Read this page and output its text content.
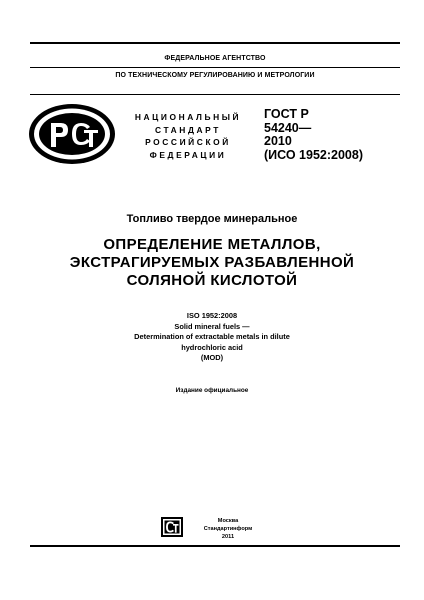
ФЕДЕРАЛЬНОЕ АГЕНТСТВО
ПО ТЕХНИЧЕСКОМУ РЕГУЛИРОВАНИЮ И МЕТРОЛОГИИ
НАЦИОНАЛЬНЫЙ
СТАНДАРТ
РОССИЙСКОЙ
ФЕДЕРАЦИИ
ГОСТ Р
54240—
2010
(ИСО 1952:2008)
Топливо твердое минеральное
ОПРЕДЕЛЕНИЕ МЕТАЛЛОВ,
ЭКСТРАГИРУЕМЫХ РАЗБАВЛЕННОЙ
СОЛЯНОЙ КИСЛОТОЙ
ISO 1952:2008
Solid mineral fuels —
Determination of extractable metals in dilute
hydrochloric acid
(MOD)
Издание официальное
Москва
Стандартинформ
2011
